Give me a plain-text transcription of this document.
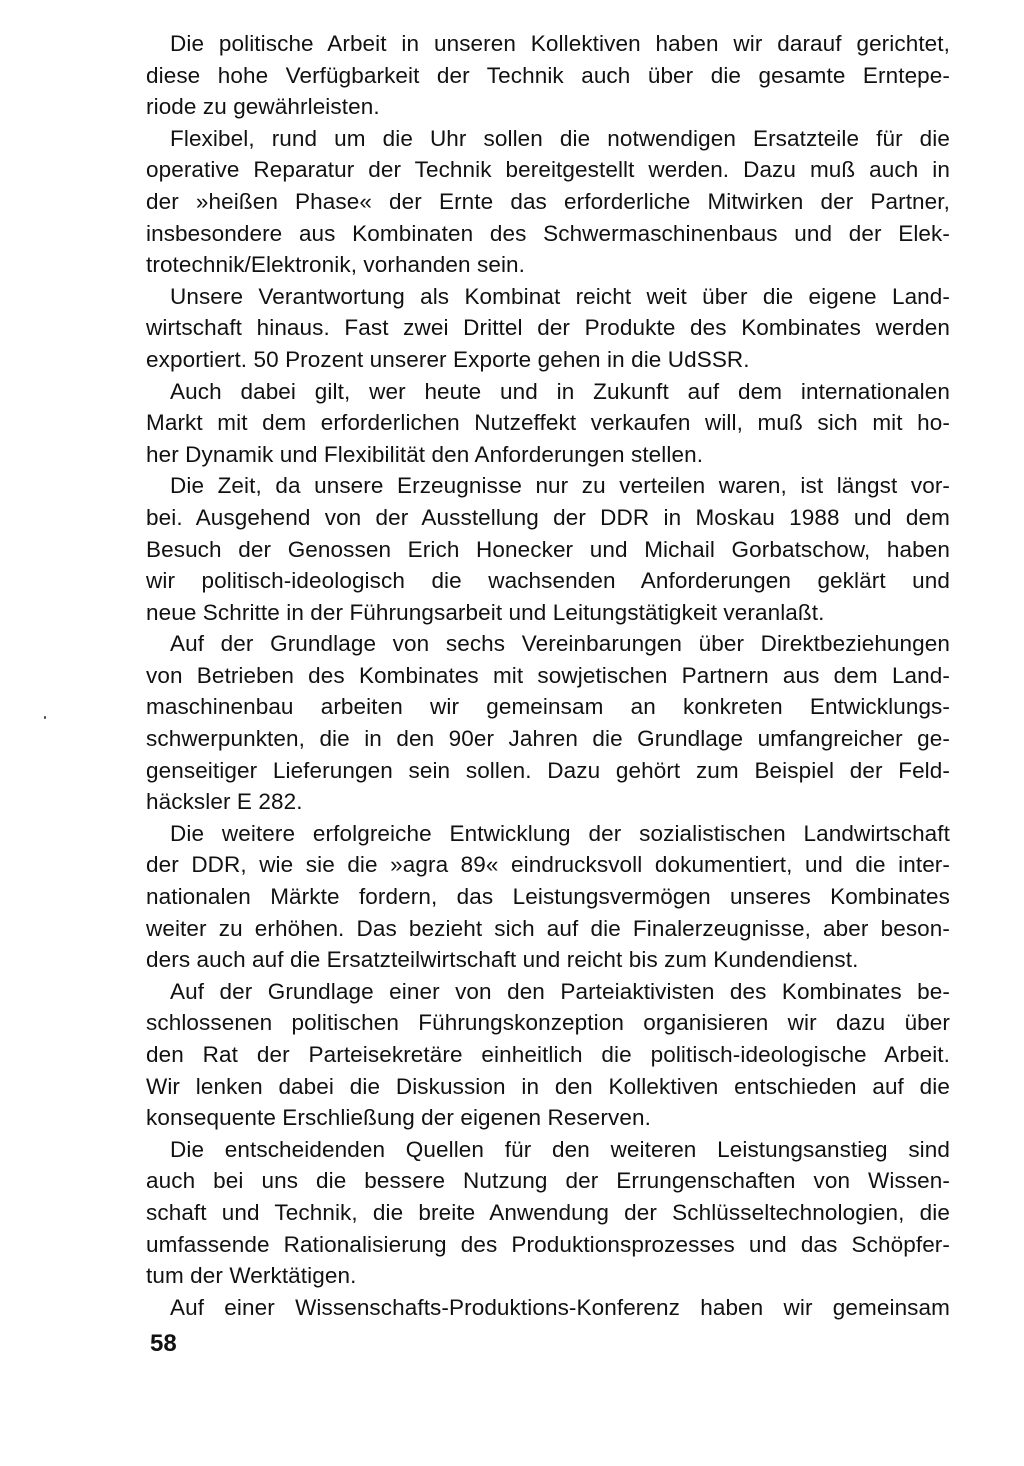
Die politische Arbeit in unseren Kollektiven haben wir darauf gerichtet,
diese hohe Verfügbarkeit der Technik auch über die gesamte Erntepe-
riode zu gewährleisten.
Flexibel, rund um die Uhr sollen die notwendigen Ersatzteile für die
operative Reparatur der Technik bereitgestellt werden. Dazu muß auch in
der »heißen Phase« der Ernte das erforderliche Mitwirken der Partner,
insbesondere aus Kombinaten des Schwermaschinenbaus und der Elek-
trotechnik/Elektronik, vorhanden sein.
Unsere Verantwortung als Kombinat reicht weit über die eigene Land-
wirtschaft hinaus. Fast zwei Drittel der Produkte des Kombinates werden
exportiert. 50 Prozent unserer Exporte gehen in die UdSSR.
Auch dabei gilt, wer heute und in Zukunft auf dem internationalen
Markt mit dem erforderlichen Nutzeffekt verkaufen will, muß sich mit ho-
her Dynamik und Flexibilität den Anforderungen stellen.
Die Zeit, da unsere Erzeugnisse nur zu verteilen waren, ist längst vor-
bei. Ausgehend von der Ausstellung der DDR in Moskau 1988 und dem
Besuch der Genossen Erich Honecker und Michail Gorbatschow, haben
wir politisch-ideologisch die wachsenden Anforderungen geklärt und
neue Schritte in der Führungsarbeit und Leitungstätigkeit veranlaßt.
Auf der Grundlage von sechs Vereinbarungen über Direktbeziehungen
von Betrieben des Kombinates mit sowjetischen Partnern aus dem Land-
maschinenbau arbeiten wir gemeinsam an konkreten Entwicklungs-
schwerpunkten, die in den 90er Jahren die Grundlage umfangreicher ge-
genseitiger Lieferungen sein sollen. Dazu gehört zum Beispiel der Feld-
häcksler E 282.
Die weitere erfolgreiche Entwicklung der sozialistischen Landwirtschaft
der DDR, wie sie die »agra 89« eindrucksvoll dokumentiert, und die inter-
nationalen Märkte fordern, das Leistungsvermögen unseres Kombinates
weiter zu erhöhen. Das bezieht sich auf die Finalerzeugnisse, aber beson-
ders auch auf die Ersatzteilwirtschaft und reicht bis zum Kundendienst.
Auf der Grundlage einer von den Parteiaktivisten des Kombinates be-
schlossenen politischen Führungskonzeption organisieren wir dazu über
den Rat der Parteisekretäre einheitlich die politisch-ideologische Arbeit.
Wir lenken dabei die Diskussion in den Kollektiven entschieden auf die
konsequente Erschließung der eigenen Reserven.
Die entscheidenden Quellen für den weiteren Leistungsanstieg sind
auch bei uns die bessere Nutzung der Errungenschaften von Wissen-
schaft und Technik, die breite Anwendung der Schlüsseltechnologien, die
umfassende Rationalisierung des Produktionsprozesses und das Schöpfer-
tum der Werktätigen.
Auf einer Wissenschafts-Produktions-Konferenz haben wir gemeinsam
58
